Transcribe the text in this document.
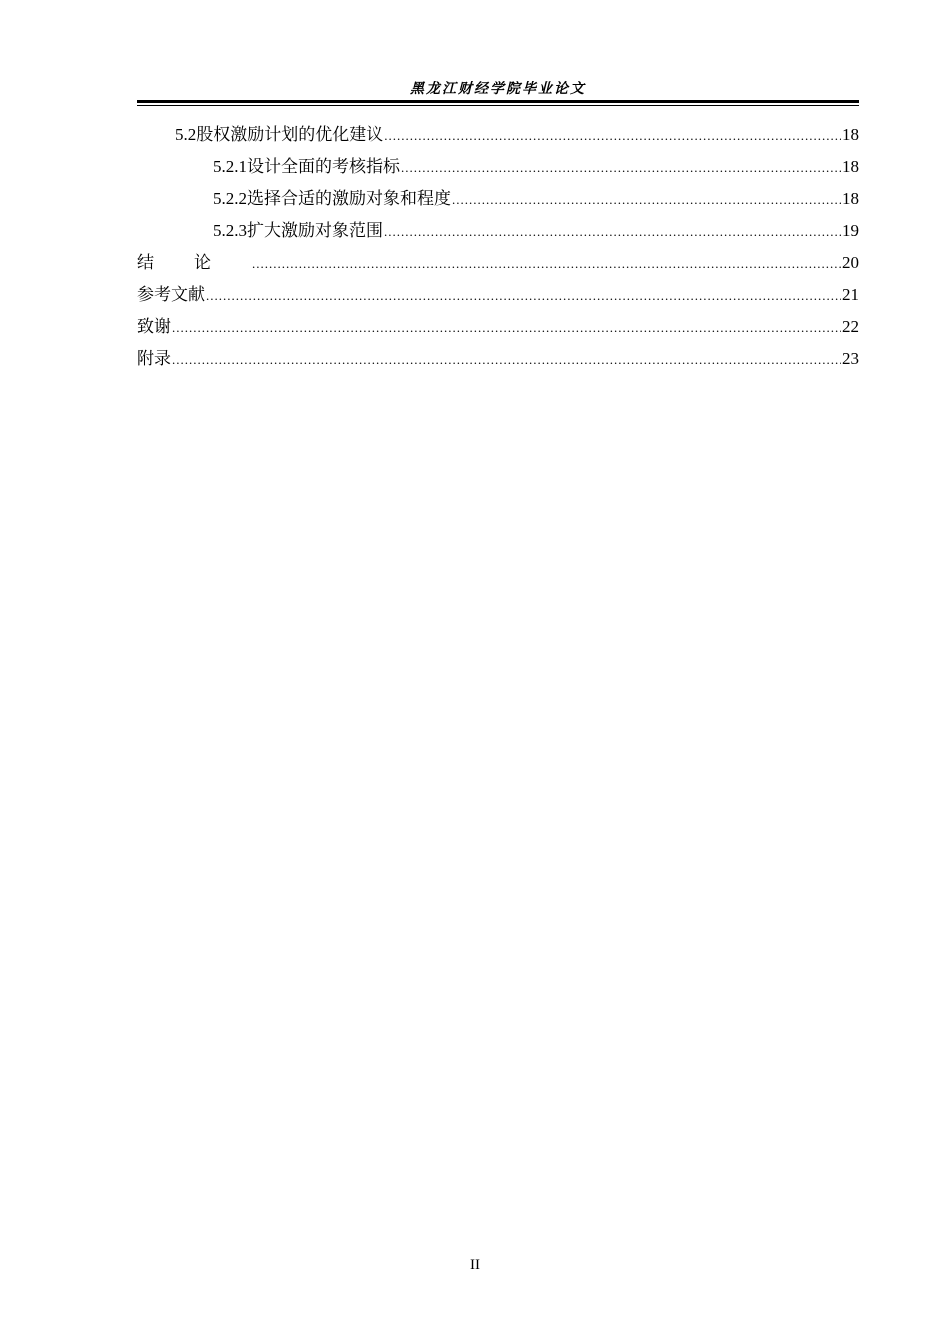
黑龙江财经学院毕业论文
5.2 股权激励计划的优化建议 .....	18
5.2.1 设计全面的考核指标 .....	18
5.2.2 选择合适的激励对象和程度 .....	18
5.2.3 扩大激励对象范围 .....	19
结论 .....	20
参考文献 .....	21
致谢 .....	22
附录 .....	23
II
